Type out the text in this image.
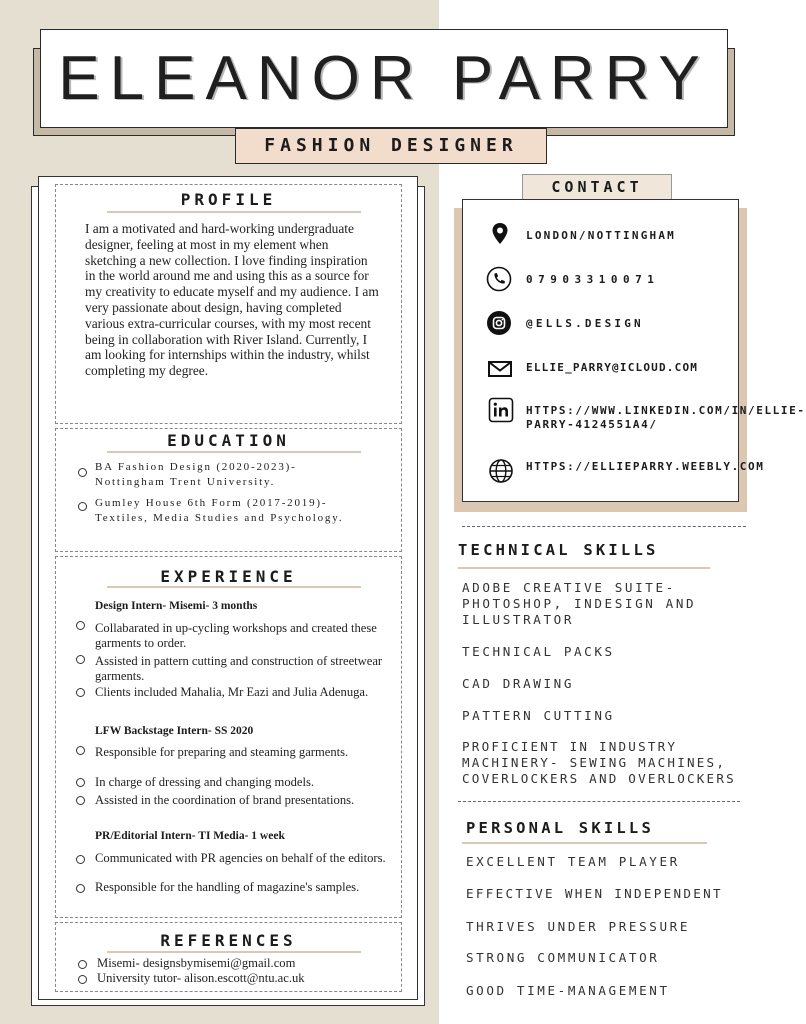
ELEANOR PARRY
FASHION DESIGNER
PROFILE
I am a motivated and hard-working undergraduate designer, feeling at most in my element when sketching a new collection. I love finding inspiration in the world around me and using this as a source for my creativity to educate myself and my audience. I am very passionate about design, having completed various extra-curricular courses, with my most recent being in collaboration with River Island. Currently, I am looking for internships within the industry, whilst completing my degree.
EDUCATION
BA Fashion Design (2020-2023)- Nottingham Trent University.
Gumley House 6th Form (2017-2019)- Textiles, Media Studies and Psychology.
EXPERIENCE
Design Intern- Misemi- 3 months
Collabarated in up-cycling workshops and created these garments to order.
Assisted in pattern cutting and construction of streetwear garments.
Clients included Mahalia, Mr Eazi and Julia Adenuga.
LFW Backstage Intern- SS 2020
Responsible for preparing and steaming garments.
In charge of dressing and changing models.
Assisted in the coordination of brand presentations.
PR/Editorial Intern- TI Media- 1 week
Communicated with PR agencies on behalf of the editors.
Responsible for the handling of magazine's samples.
REFERENCES
Misemi- designsbymisemi@gmail.com
University tutor- alison.escott@ntu.ac.uk
CONTACT
LONDON/NOTTINGHAM
07903310071
@ELLS.DESIGN
ELLIE_PARRY@ICLOUD.COM
HTTPS://WWW.LINKEDIN.COM/IN/ELLIE-PARRY-4124551A4/
HTTPS://ELLIEPARRY.WEEBLY.COM
TECHNICAL SKILLS
ADOBE CREATIVE SUITE- PHOTOSHOP, INDESIGN AND ILLUSTRATOR
TECHNICAL PACKS
CAD DRAWING
PATTERN CUTTING
PROFICIENT IN INDUSTRY MACHINERY- SEWING MACHINES, COVERLOCKERS AND OVERLOCKERS
PERSONAL SKILLS
EXCELLENT TEAM PLAYER
EFFECTIVE WHEN INDEPENDENT
THRIVES UNDER PRESSURE
STRONG COMMUNICATOR
GOOD TIME-MANAGEMENT
